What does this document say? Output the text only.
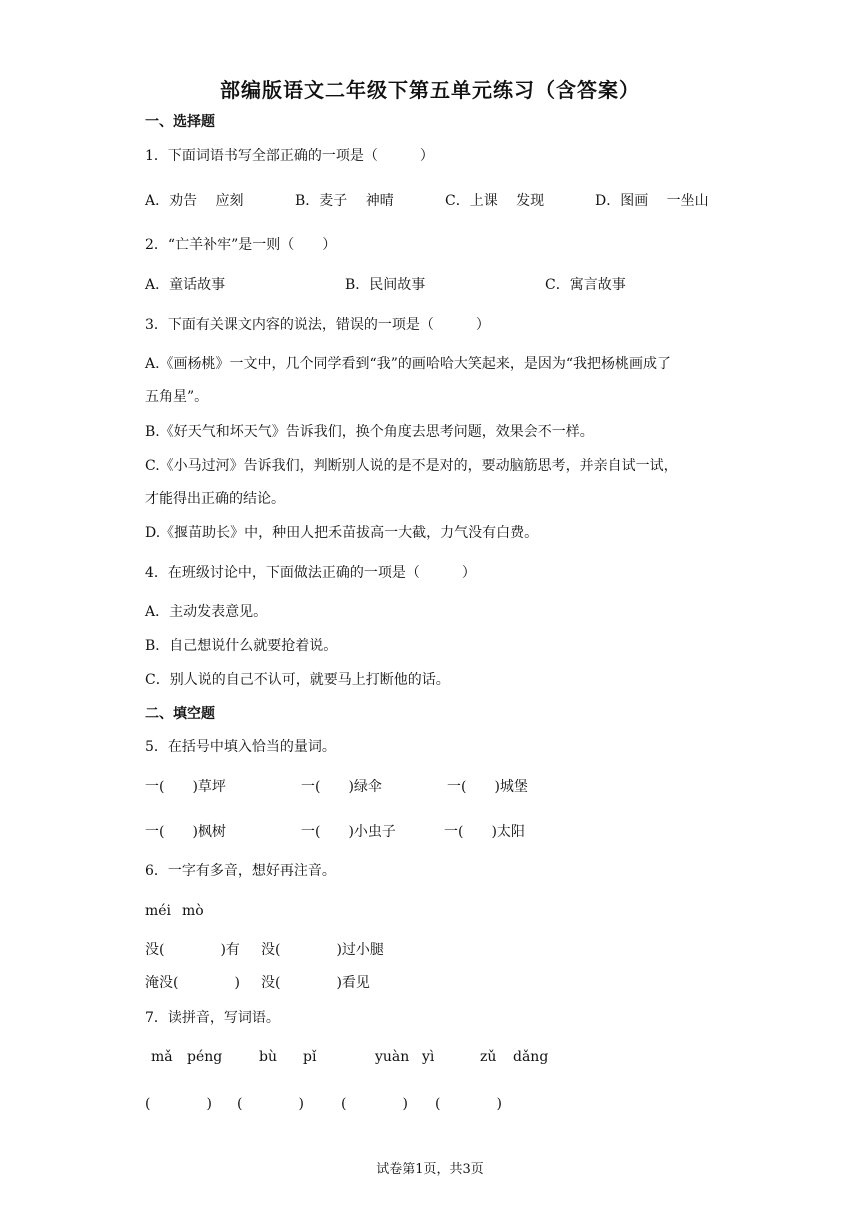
部编版语文二年级下第五单元练习（含答案）
一、选择题
1．下面词语书写全部正确的一项是（　　　）
A．劝告　 应刻	B．麦子　 神晴	C．上课　 发现	D．图画　 一坐山
2．“亡羊补牢”是一则（　　）
A．童话故事	B．民间故事	C．寓言故事
3．下面有关课文内容的说法，错误的一项是（　　　）
A.《画杨桃》一文中，几个同学看到“我”的画哈哈大笑起来，是因为“我把杨桃画成了
五角星”。
B.《好天气和坏天气》告诉我们，换个角度去思考问题，效果会不一样。
C.《小马过河》告诉我们，判断别人说的是不是对的，要动脑筋思考，并亲自试一试，
才能得出正确的结论。
D.《揠苗助长》中，种田人把禾苗拔高一大截，力气没有白费。
4．在班级讨论中，下面做法正确的一项是（　　　）
A．主动发表意见。
B．自己想说什么就要抢着说。
C．别人说的自己不认可，就要马上打断他的话。
二、填空题
5．在括号中填入恰当的量词。
一(　　)草坪	一(　　)绿伞	一(　　)城堡
一(　　)枫树	一(　　)小虫子	一(　　)太阳
6．一字有多音，想好再注音。
méi mò
没(　　　　)有 没(　　　　)过小腿
淹没(　　　　) 没(　　　　)看见
7．读拼音，写词语。
mǎ péng	bù pǐ	yuàn yì	zǔ dǎng
(　　　　) (　　　　)	(　　　　) (　　　　)
试卷第1页，共3页
